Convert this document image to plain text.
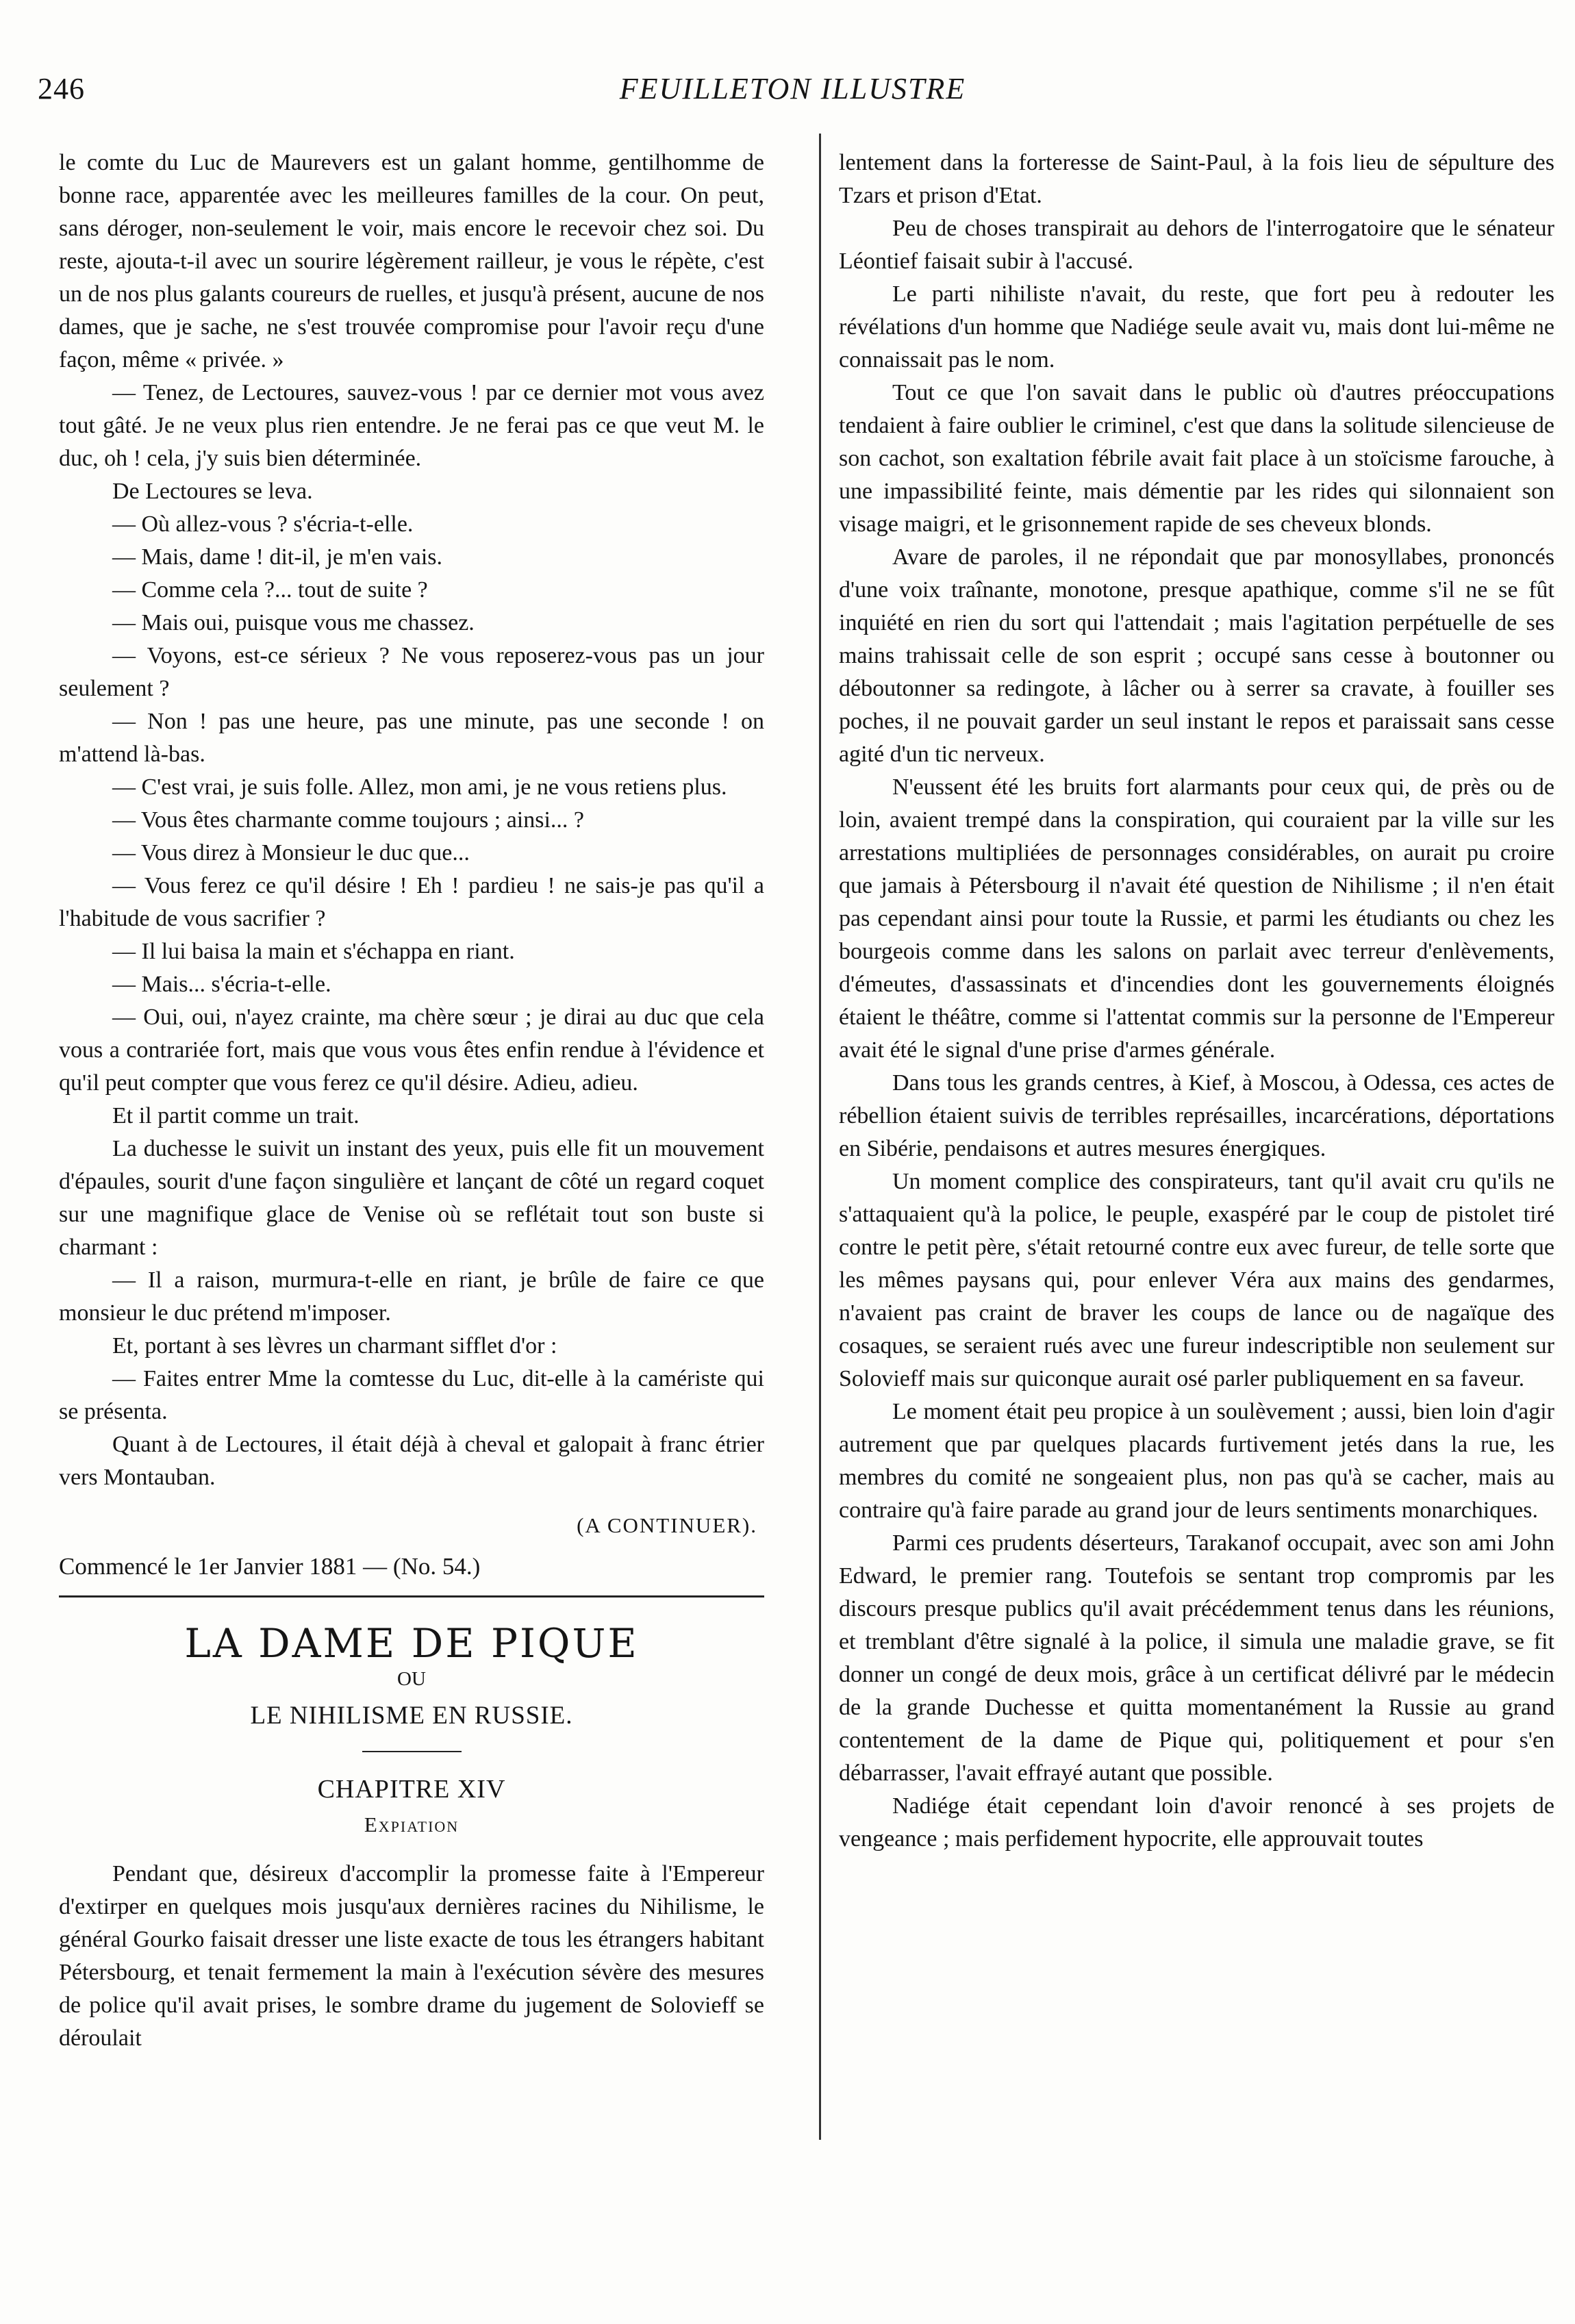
246	FEUILLETON ILLUSTRE

le comte du Luc de Maurevers est un galant homme, gentilhomme de bonne race, apparentée avec les meilleures familles de la cour. On peut, sans déroger, non-seulement le voir, mais encore le recevoir chez soi. Du reste, ajouta-t-il avec un sourire légèrement railleur, je vous le répète, c'est un de nos plus galants coureurs de ruelles, et jusqu'à présent, aucune de nos dames, que je sache, ne s'est trouvée compromise pour l'avoir reçu d'une façon, même « privée. »

— Tenez, de Lectoures, sauvez-vous ! par ce dernier mot vous avez tout gâté. Je ne veux plus rien entendre. Je ne ferai pas ce que veut M. le duc, oh ! cela, j'y suis bien déterminée.

De Lectoures se leva.

— Où allez-vous ? s'écria-t-elle.

— Mais, dame ! dit-il, je m'en vais.

— Comme cela ?... tout de suite ?

— Mais oui, puisque vous me chassez.

— Voyons, est-ce sérieux ? Ne vous reposerez-vous pas un jour seulement ?

— Non ! pas une heure, pas une minute, pas une seconde ! on m'attend là-bas.

— C'est vrai, je suis folle. Allez, mon ami, je ne vous retiens plus.

— Vous êtes charmante comme toujours ; ainsi... ?

— Vous direz à Monsieur le duc que...

— Vous ferez ce qu'il désire ! Eh ! pardieu ! ne sais-je pas qu'il a l'habitude de vous sacrifier ?

— Il lui baisa la main et s'échappa en riant.

— Mais... s'écria-t-elle.

— Oui, oui, n'ayez crainte, ma chère sœur ; je dirai au duc que cela vous a contrariée fort, mais que vous vous êtes enfin rendue à l'évidence et qu'il peut compter que vous ferez ce qu'il désire. Adieu, adieu.

Et il partit comme un trait.

La duchesse le suivit un instant des yeux, puis elle fit un mouvement d'épaules, sourit d'une façon singulière et lançant de côté un regard coquet sur une magnifique glace de Venise où se reflétait tout son buste si charmant :

— Il a raison, murmura-t-elle en riant, je brûle de faire ce que monsieur le duc prétend m'imposer.

Et, portant à ses lèvres un charmant sifflet d'or :

— Faites entrer Mme la comtesse du Luc, dit-elle à la camériste qui se présenta.

Quant à de Lectoures, il était déjà à cheval et galopait à franc étrier vers Montauban.

(A CONTINUER).

Commencé le 1er Janvier 1881 — (No. 54.)

LA DAME DE PIQUE
OU
LE NIHILISME EN RUSSIE.
CHAPITRE XIV
Expiation

Pendant que, désireux d'accomplir la promesse faite à l'Empereur d'extirper en quelques mois jusqu'aux dernières racines du Nihilisme, le général Gourko faisait dresser une liste exacte de tous les étrangers habitant Pétersbourg, et tenait fermement la main à l'exécution sévère des mesures de police qu'il avait prises, le sombre drame du jugement de Solovieff se déroulait

lentement dans la forteresse de Saint-Paul, à la fois lieu de sépulture des Tzars et prison d'Etat.

Peu de choses transpirait au dehors de l'interrogatoire que le sénateur Léontief faisait subir à l'accusé.

Le parti nihiliste n'avait, du reste, que fort peu à redouter les révélations d'un homme que Nadiége seule avait vu, mais dont lui-même ne connaissait pas le nom.

Tout ce que l'on savait dans le public où d'autres préoccupations tendaient à faire oublier le criminel, c'est que dans la solitude silencieuse de son cachot, son exaltation fébrile avait fait place à un stoïcisme farouche, à une impassibilité feinte, mais démentie par les rides qui silonnaient son visage maigri, et le grisonnement rapide de ses cheveux blonds.

Avare de paroles, il ne répondait que par monosyllabes, prononcés d'une voix traînante, monotone, presque apathique, comme s'il ne se fût inquiété en rien du sort qui l'attendait ; mais l'agitation perpétuelle de ses mains trahissait celle de son esprit ; occupé sans cesse à boutonner ou déboutonner sa redingote, à lâcher ou à serrer sa cravate, à fouiller ses poches, il ne pouvait garder un seul instant le repos et paraissait sans cesse agité d'un tic nerveux.

N'eussent été les bruits fort alarmants pour ceux qui, de près ou de loin, avaient trempé dans la conspiration, qui couraient par la ville sur les arrestations multipliées de personnages considérables, on aurait pu croire que jamais à Pétersbourg il n'avait été question de Nihilisme ; il n'en était pas cependant ainsi pour toute la Russie, et parmi les étudiants ou chez les bourgeois comme dans les salons on parlait avec terreur d'enlèvements, d'émeutes, d'assassinats et d'incendies dont les gouvernements éloignés étaient le théâtre, comme si l'attentat commis sur la personne de l'Empereur avait été le signal d'une prise d'armes générale.

Dans tous les grands centres, à Kief, à Moscou, à Odessa, ces actes de rébellion étaient suivis de terribles représailles, incarcérations, déportations en Sibérie, pendaisons et autres mesures énergiques.

Un moment complice des conspirateurs, tant qu'il avait cru qu'ils ne s'attaquaient qu'à la police, le peuple, exaspéré par le coup de pistolet tiré contre le petit père, s'était retourné contre eux avec fureur, de telle sorte que les mêmes paysans qui, pour enlever Véra aux mains des gendarmes, n'avaient pas craint de braver les coups de lance ou de nagaïque des cosaques, se seraient rués avec une fureur indescriptible non seulement sur Solovieff mais sur quiconque aurait osé parler publiquement en sa faveur.

Le moment était peu propice à un soulèvement ; aussi, bien loin d'agir autrement que par quelques placards furtivement jetés dans la rue, les membres du comité ne songeaient plus, non pas qu'à se cacher, mais au contraire qu'à faire parade au grand jour de leurs sentiments monarchiques.

Parmi ces prudents déserteurs, Tarakanof occupait, avec son ami John Edward, le premier rang. Toutefois se sentant trop compromis par les discours presque publics qu'il avait précédemment tenus dans les réunions, et tremblant d'être signalé à la police, il simula une maladie grave, se fit donner un congé de deux mois, grâce à un certificat délivré par le médecin de la grande Duchesse et quitta momentanément la Russie au grand contentement de la dame de Pique qui, politiquement et pour s'en débarrasser, l'avait effrayé autant que possible.

Nadiége était cependant loin d'avoir renoncé à ses projets de vengeance ; mais perfidement hypocrite, elle approuvait toutes
